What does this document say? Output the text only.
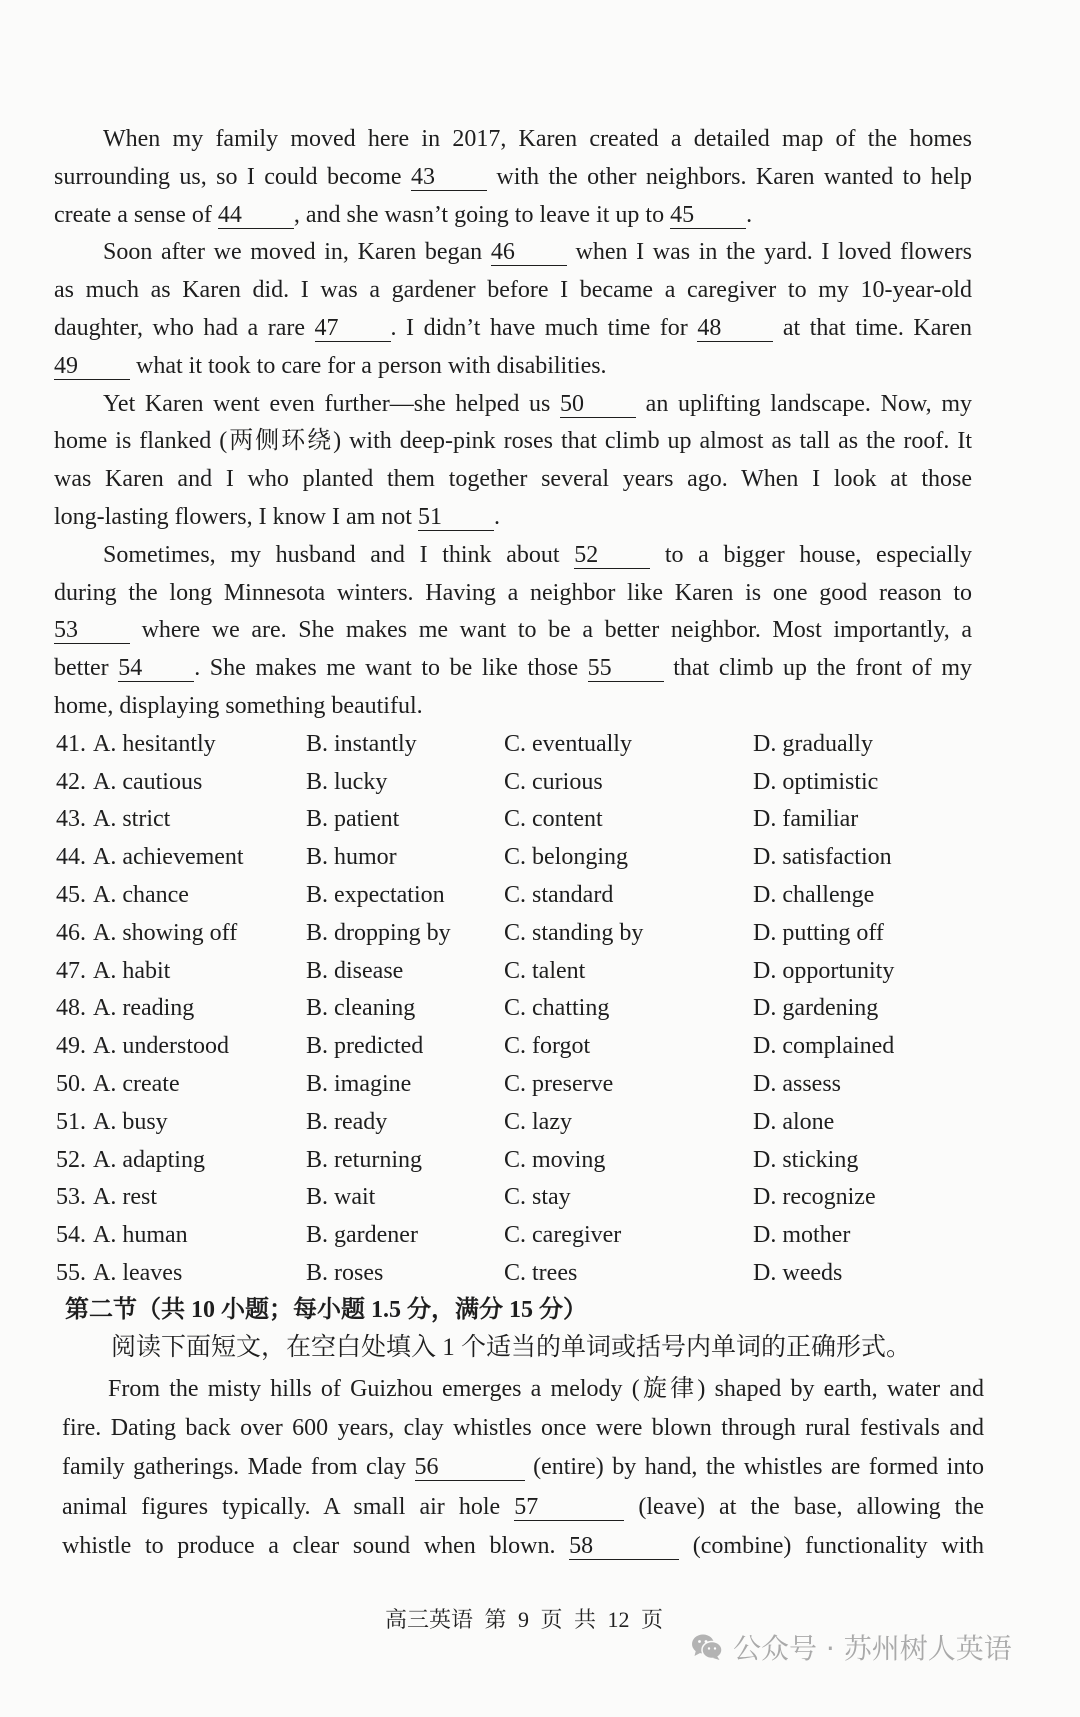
When my family moved here in 2017, Karen created a detailed map of the homes
surrounding us, so I could become 43 with the other neighbors. Karen wanted to help
create a sense of 44 , and she wasn’t going to leave it up to 45 .
Soon after we moved in, Karen began 46 when I was in the yard. I loved flowers
as much as Karen did. I was a gardener before I became a caregiver to my 10-year-old
daughter, who had a rare 47 . I didn’t have much time for 48 at that time. Karen
49 what it took to care for a person with disabilities.
Yet Karen went even further—she helped us 50 an uplifting landscape. Now, my
home is flanked (两侧环绕) with deep-pink roses that climb up almost as tall as the roof. It
was Karen and I who planted them together several years ago. When I look at those
long-lasting flowers, I know I am not 51 .
Sometimes, my husband and I think about 52 to a bigger house, especially
during the long Minnesota winters. Having a neighbor like Karen is one good reason to
53 where we are. She makes me want to be a better neighbor. Most importantly, a
better 54 . She makes me want to be like those 55 that climb up the front of my
home, displaying something beautiful.
41. A. hesitantly	B. instantly	C. eventually	D. gradually
42. A. cautious	B. lucky	C. curious	D. optimistic
43. A. strict	B. patient	C. content	D. familiar
44. A. achievement	B. humor	C. belonging	D. satisfaction
45. A. chance	B. expectation C. standard	D. challenge
46. A. showing off	B. dropping by C. standing by	D. putting off
47. A. habit	B. disease	C. talent	D. opportunity
48. A. reading	B. cleaning	C. chatting	D. gardening
49. A. understood	B. predicted	C. forgot	D. complained
50. A. create	B. imagine	C. preserve	D. assess
51. A. busy	B. ready	C. lazy	D. alone
52. A. adapting	B. returning	C. moving	D. sticking
53. A. rest	B. wait	C. stay	D. recognize
54. A. human	B. gardener	C. caregiver	D. mother
55. A. leaves	B. roses	C. trees	D. weeds
第二节（共 10 小题；每小题 1.5 分，满分 15 分）
阅读下面短文，在空白处填入 1 个适当的单词或括号内单词的正确形式。
From the misty hills of Guizhou emerges a melody (旋律) shaped by earth, water and
fire. Dating back over 600 years, clay whistles once were blown through rural festivals and
family gatherings. Made from clay 56	(entire) by hand, the whistles are formed into
animal figures typically. A small air hole 57	(leave) at the base, allowing the
whistle to produce a clear sound when blown. 58	(combine) functionality with
高三英语 第 9 页 共 12 页
公众号 · 苏州树人英语
